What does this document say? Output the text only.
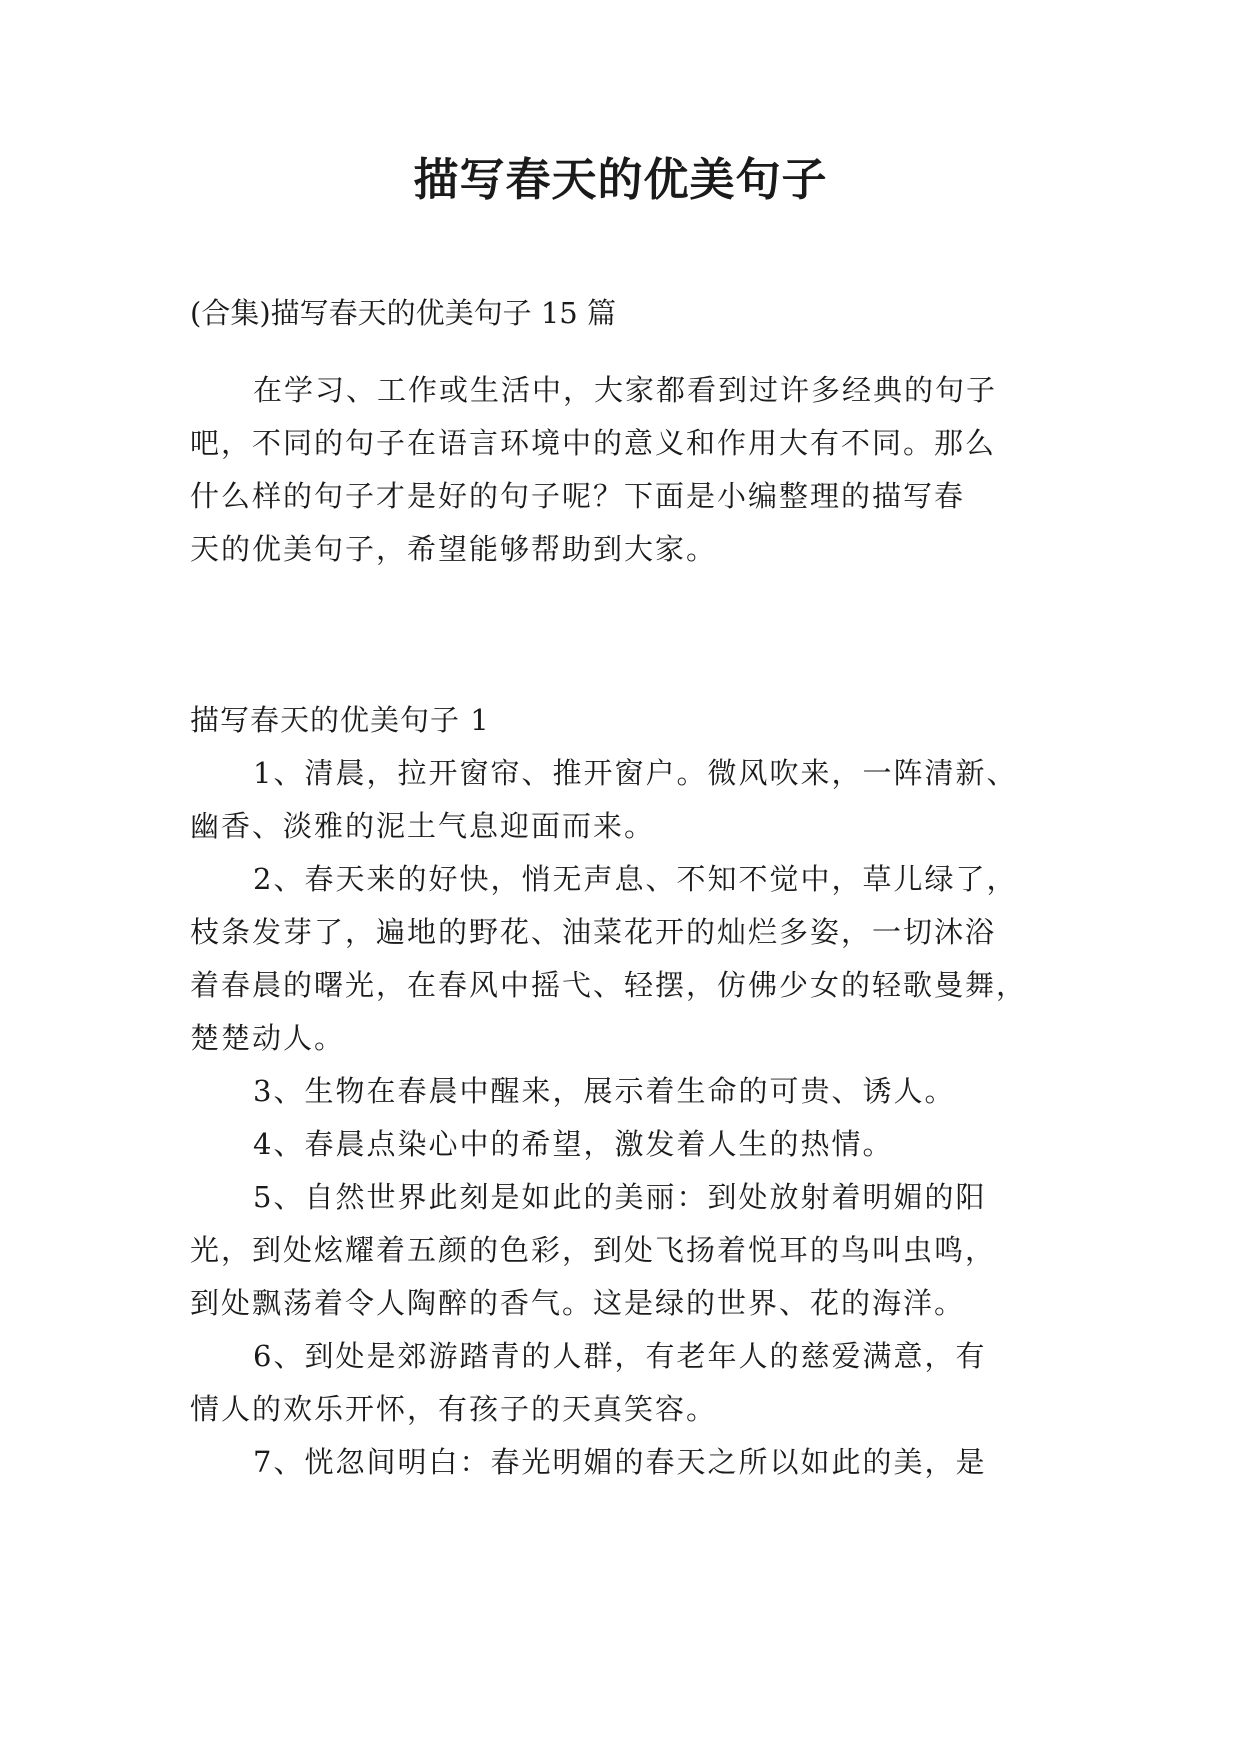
描写春天的优美句子
(合集)描写春天的优美句子 15 篇
在学习、工作或生活中，大家都看到过许多经典的句子
吧，不同的句子在语言环境中的意义和作用大有不同。那么
什么样的句子才是好的句子呢？下面是小编整理的描写春
天的优美句子，希望能够帮助到大家。
描写春天的优美句子 1
1、清晨，拉开窗帘、推开窗户。微风吹来，一阵清新、
幽香、淡雅的泥土气息迎面而来。
2、春天来的好快，悄无声息、不知不觉中，草儿绿了，
枝条发芽了，遍地的野花、油菜花开的灿烂多姿，一切沐浴
着春晨的曙光，在春风中摇弋、轻摆，仿佛少女的轻歌曼舞，
楚楚动人。
3、生物在春晨中醒来，展示着生命的可贵、诱人。
4、春晨点染心中的希望，激发着人生的热情。
5、自然世界此刻是如此的美丽：到处放射着明媚的阳
光，到处炫耀着五颜的色彩，到处飞扬着悦耳的鸟叫虫鸣，
到处飘荡着令人陶醉的香气。这是绿的世界、花的海洋。
6、到处是郊游踏青的人群，有老年人的慈爱满意，有
情人的欢乐开怀，有孩子的天真笑容。
7、恍忽间明白：春光明媚的春天之所以如此的美，是
